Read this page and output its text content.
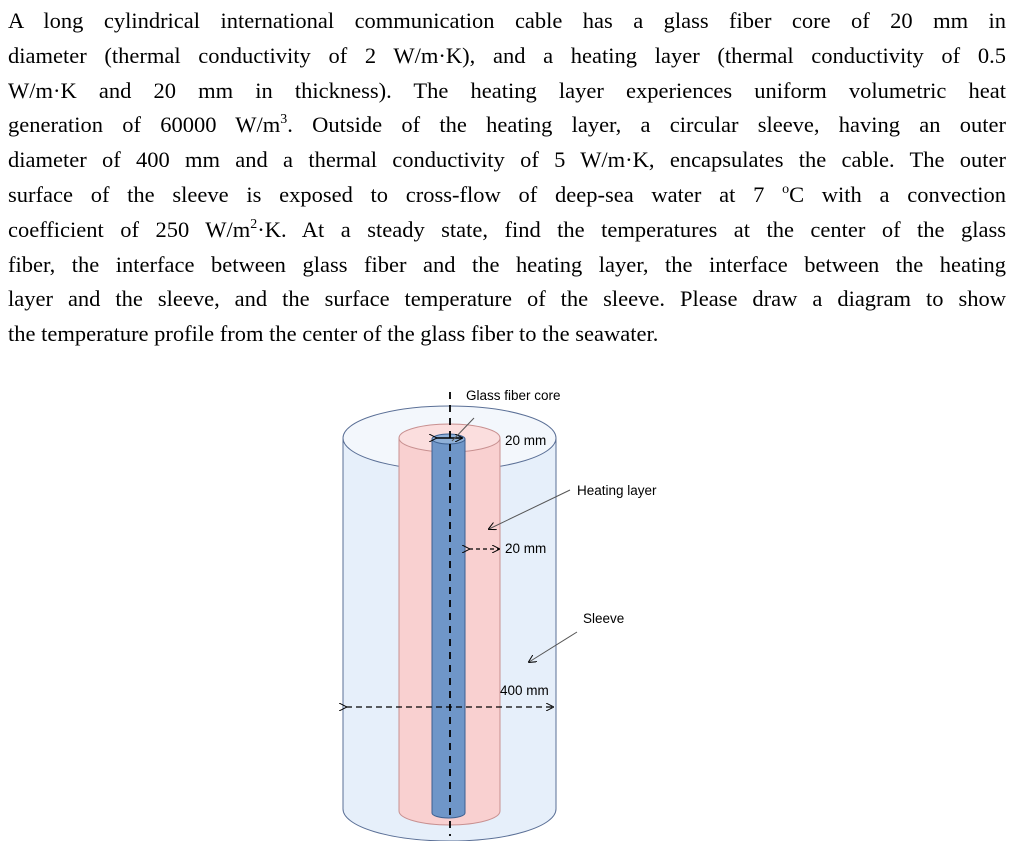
A long cylindrical international communication cable has a glass fiber core of 20 mm in
diameter (thermal conductivity of 2 W/m·K), and a heating layer (thermal conductivity of 0.5
W/m·K and 20 mm in thickness). The heating layer experiences uniform volumetric heat
generation of 60000 $W/m^3$. Outside of the heating layer, a circular sleeve, having an outer
diameter of 400 mm and a thermal conductivity of 5 W/m·K, encapsulates the cable. The outer
surface of the sleeve is exposed to cross-flow of deep-sea water at 7 $^o$C with a convection
coefficient of 250 $W/m^2\cdot K$. At a steady state, find the temperatures at the center of the glass
fiber, the interface between glass fiber and the heating layer, the interface between the heating
layer and the sleeve, and the surface temperature of the sleeve. Please draw a diagram to show
the temperature profile from the center of the glass fiber to the seawater.
Glass fiber core
20 mm
Heating layer
20 mm
Sleeve
400 mm
